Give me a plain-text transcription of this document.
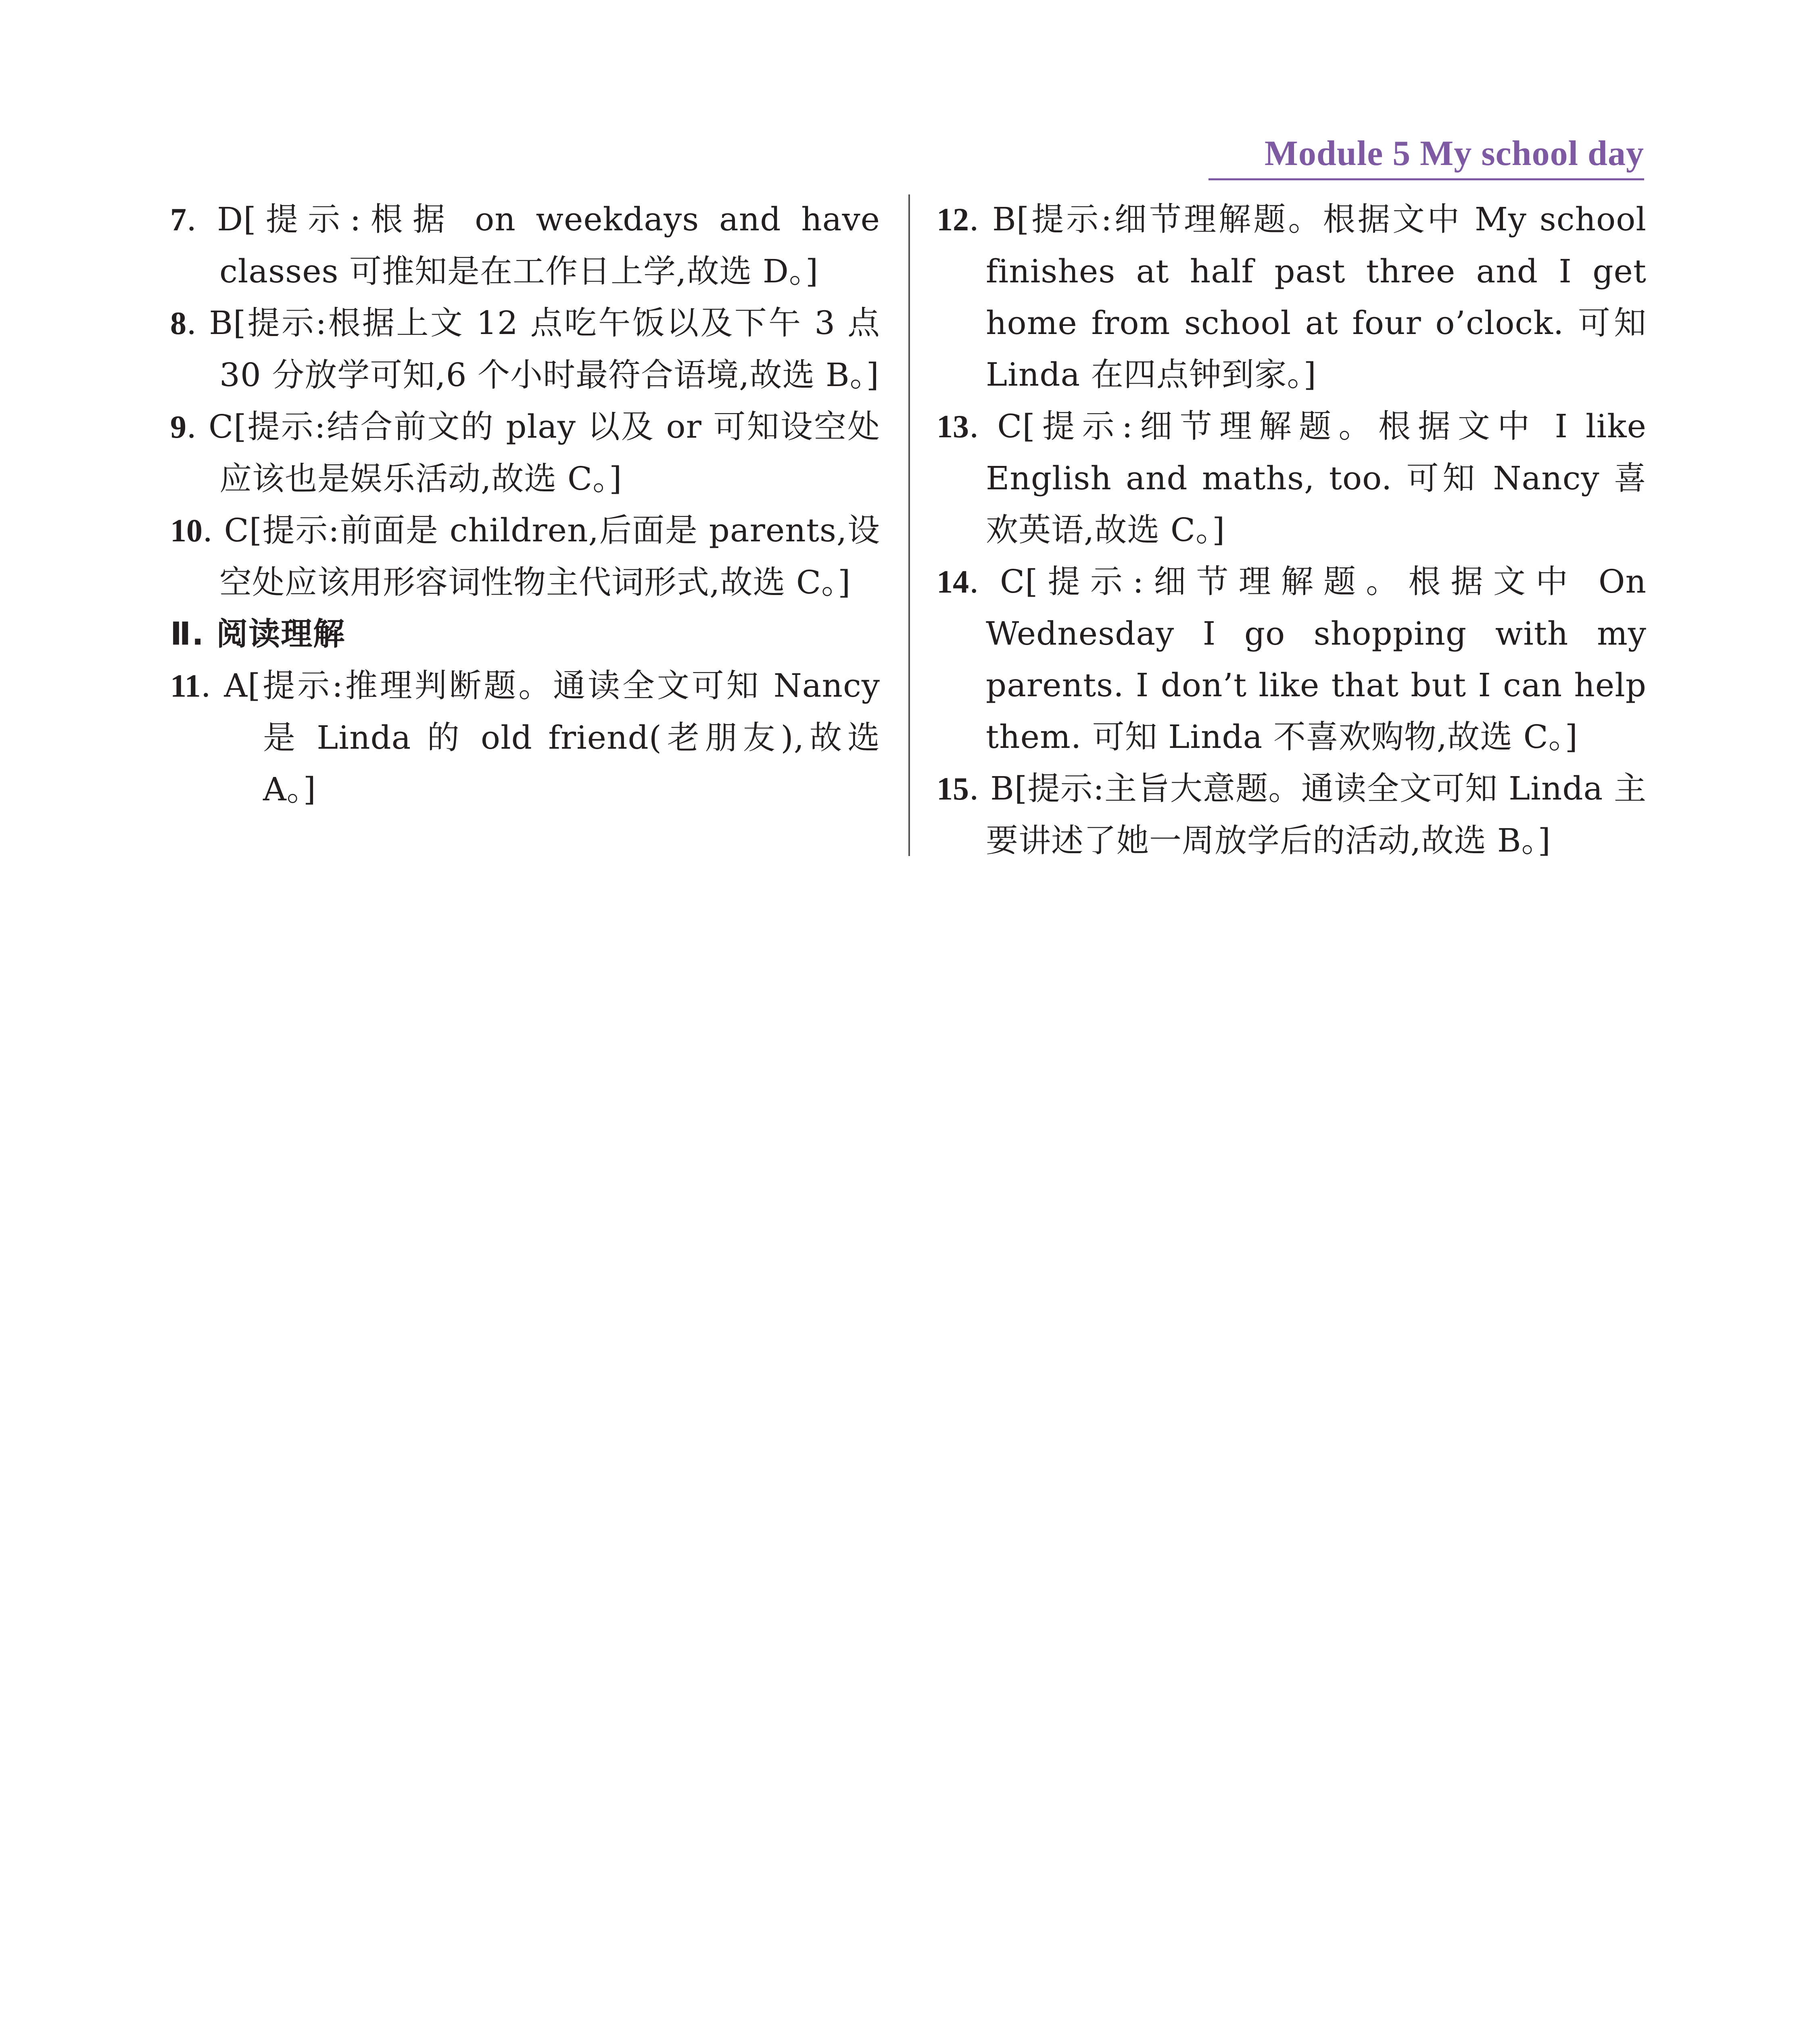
Module 5 My school day
7. D[提示:根据 on weekdays and have classes 可推知是在工作日上学,故选 D。]
8. B[提示:根据上文 12 点吃午饭以及下午 3 点 30 分放学可知,6 个小时最符合语境,故选 B。]
9. C[提示:结合前文的 play 以及 or 可知设空处应该也是娱乐活动,故选 C。]
10. C[提示:前面是 children,后面是 parents,设空处应该用形容词性物主代词形式,故选 C。]
Ⅱ. 阅读理解
11. A[提示:推理判断题。通读全文可知 Nancy 是 Linda 的 old friend(老朋友),故选 A。]
12. B[提示:细节理解题。根据文中 My school finishes at half past three and I get home from school at four o’clock. 可知 Linda 在四点钟到家。]
13. C[提示:细节理解题。根据文中 I like English and maths, too. 可知 Nancy 喜欢英语,故选 C。]
14. C[提示:细节理解题。根据文中 On Wednesday I go shopping with my parents. I don’t like that but I can help them. 可知 Linda 不喜欢购物,故选 C。]
15. B[提示:主旨大意题。通读全文可知 Linda 主要讲述了她一周放学后的活动,故选 B。]
